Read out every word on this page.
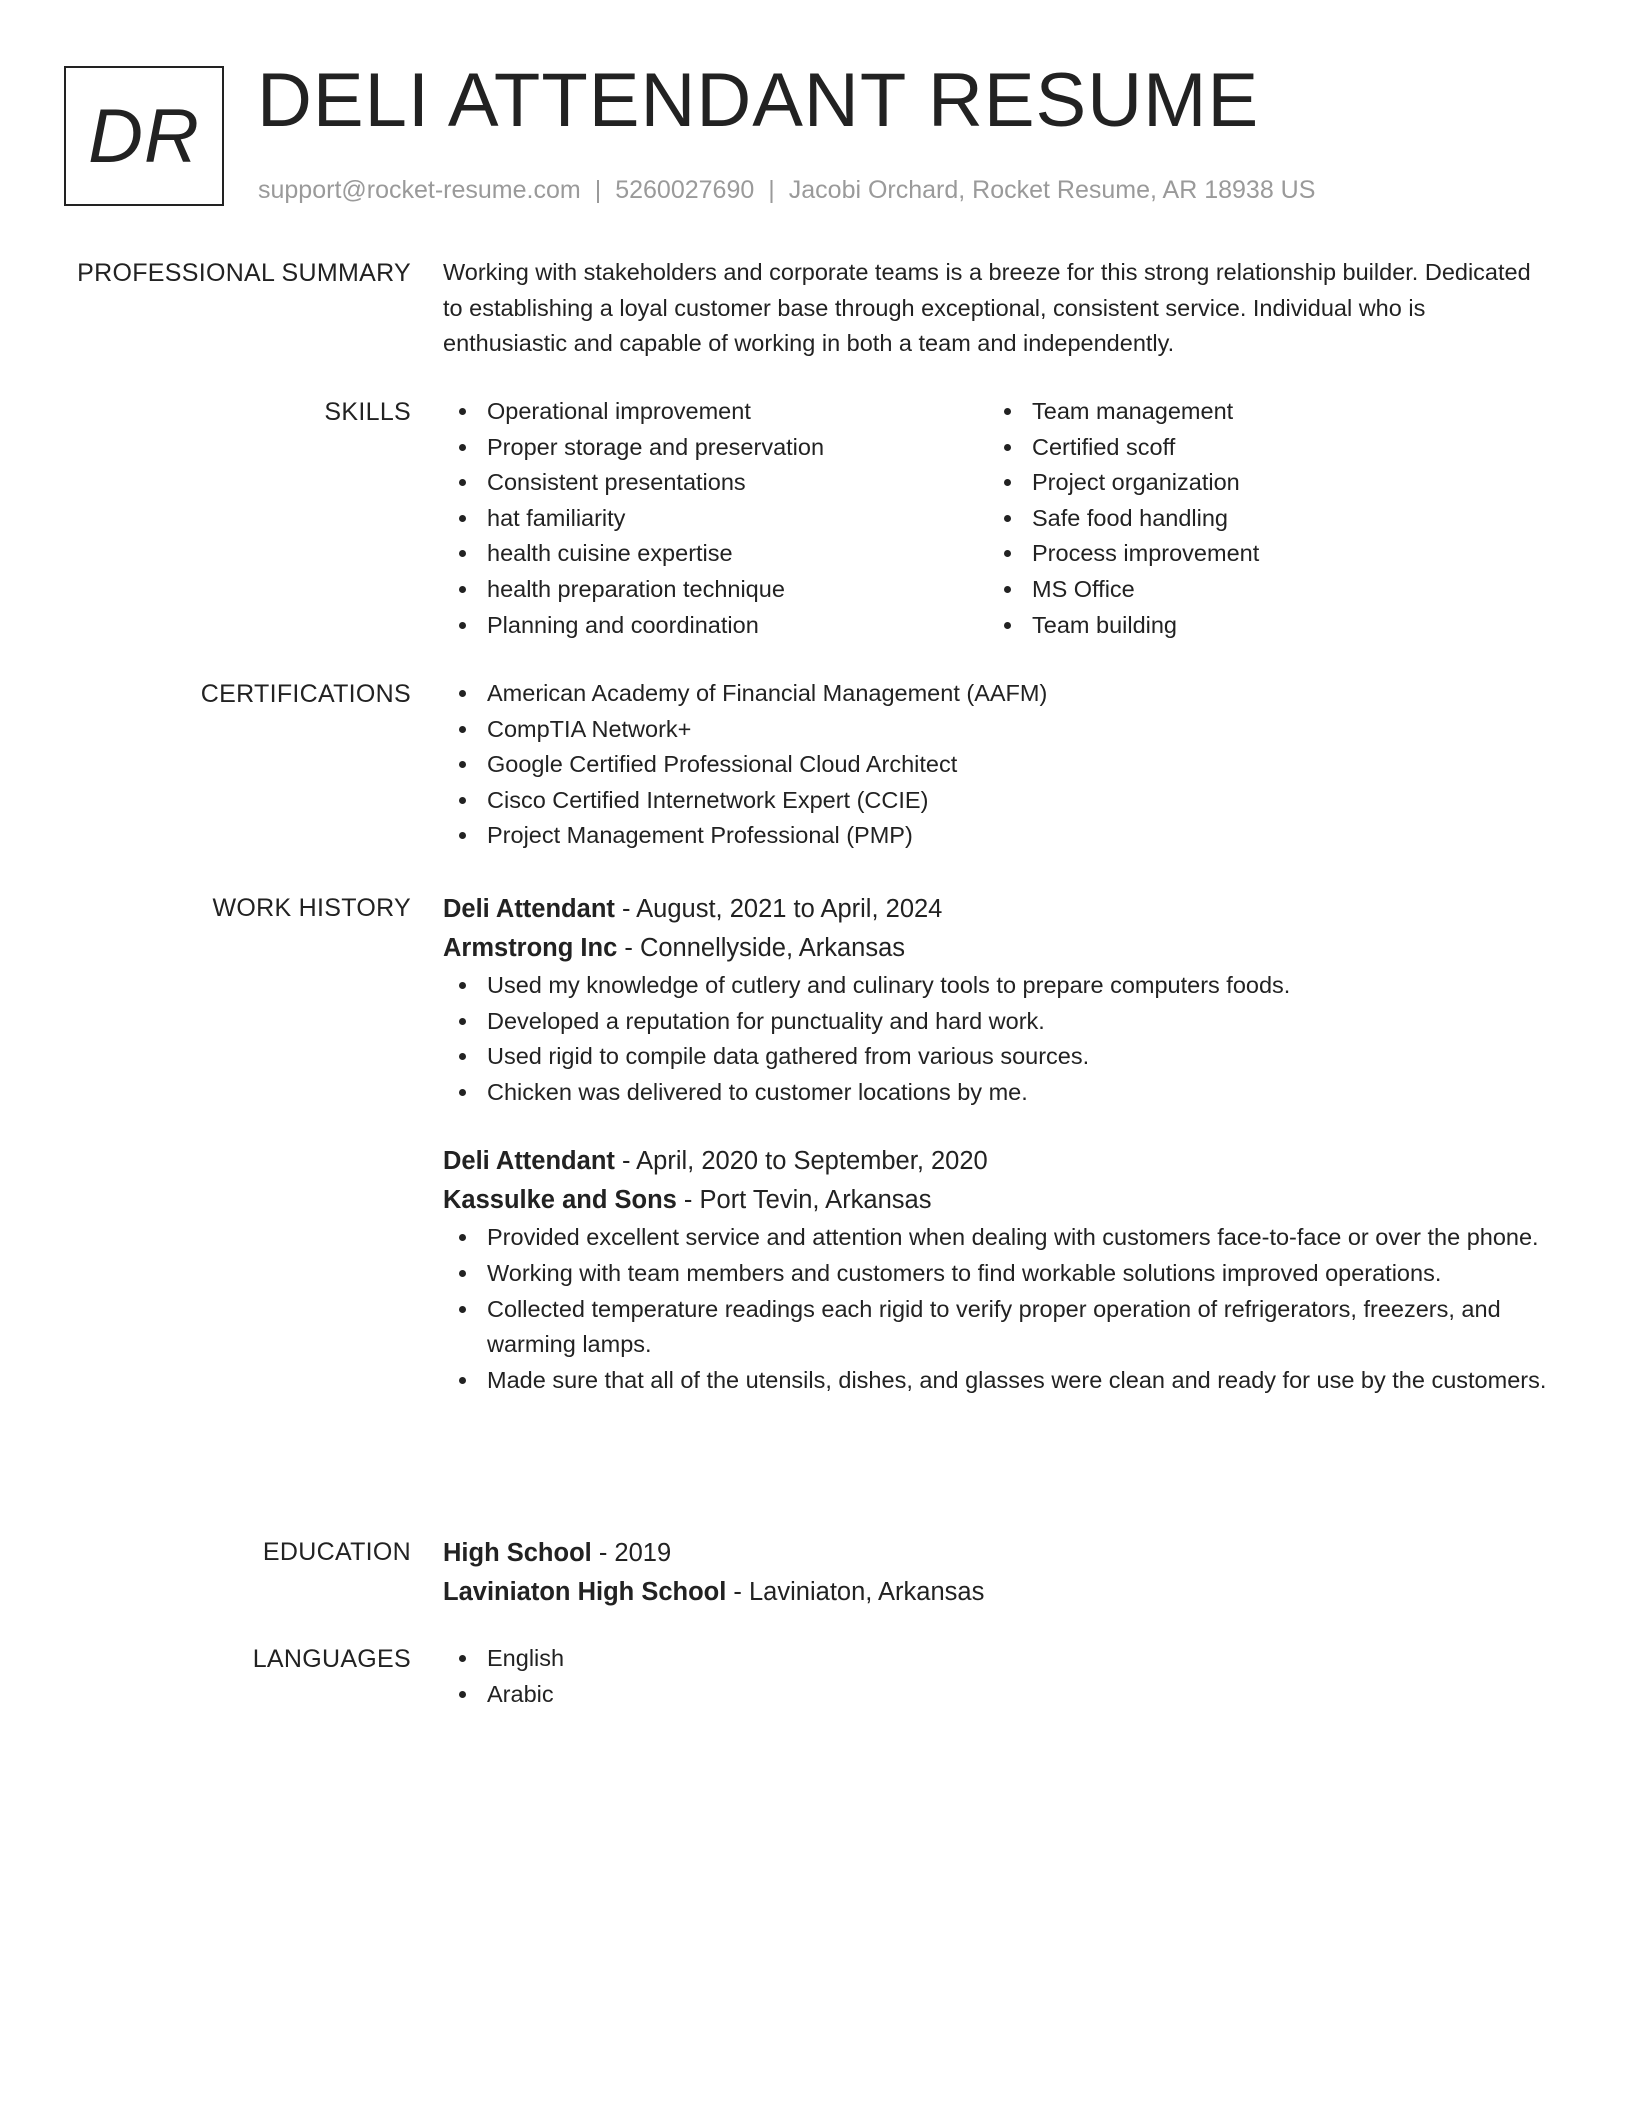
DR DELI ATTENDANT RESUME
support@rocket-resume.com | 5260027690 | Jacobi Orchard, Rocket Resume, AR 18938 US
PROFESSIONAL SUMMARY Working with stakeholders and corporate teams is a breeze for this strong relationship builder. Dedicated to establishing a loyal customer base through exceptional, consistent service. Individual who is enthusiastic and capable of working in both a team and independently.

SKILLS	Operational improvement
Proper storage and preservation
Consistent presentations
hat familiarity
health cuisine expertise
health preparation technique
Planning and coordination
Team management
Certified scoff
Project organization
Safe food handling
Process improvement
MS Office
Team building
CERTIFICATIONS	American Academy of Financial Management (AAFM)
CompTIA Network+
Google Certified Professional Cloud Architect
Cisco Certified Internetwork Expert (CCIE)
Project Management Professional (PMP)
WORK HISTORY Deli Attendant - August, 2021 to April, 2024
Armstrong Inc - Connellyside, Arkansas
Used my knowledge of cutlery and culinary tools to prepare computers foods.
Developed a reputation for punctuality and hard work.
Used rigid to compile data gathered from various sources.
Chicken was delivered to customer locations by me.
Deli Attendant - April, 2020 to September, 2020
Kassulke and Sons - Port Tevin, Arkansas
Provided excellent service and attention when dealing with customers face-to-face or over the phone.
Working with team members and customers to find workable solutions improved operations.
Collected temperature readings each rigid to verify proper operation of refrigerators, freezers, and warming lamps.
Made sure that all of the utensils, dishes, and glasses were clean and ready for use by the customers.
EDUCATION High School - 2019
Laviniaton High School - Laviniaton, Arkansas
LANGUAGES	English
Arabic
